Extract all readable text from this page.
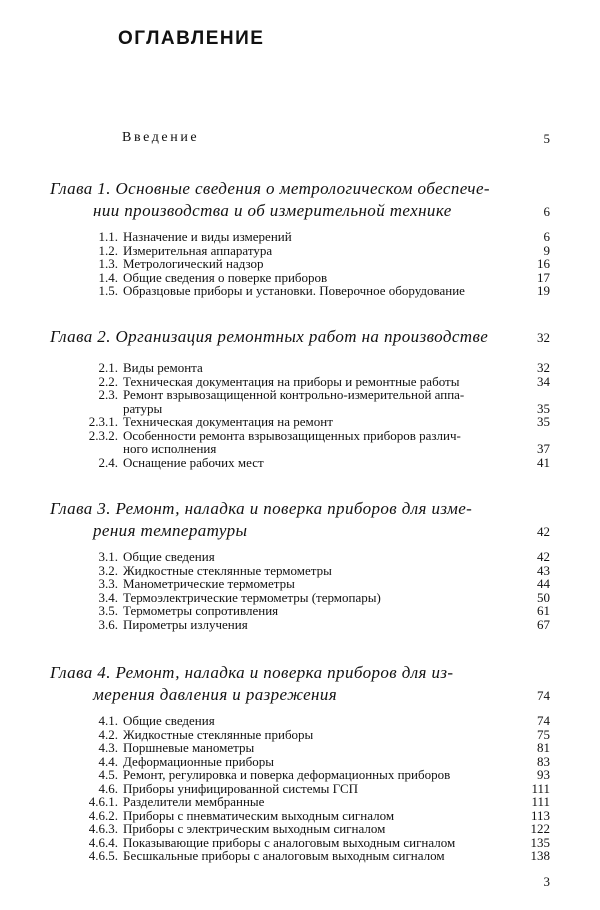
ОГЛАВЛЕНИЕ
Введение	5
Глава 1. Основные сведения о метрологическом обеспече-
нии производства и об измерительной технике	6
1.1. Назначение и виды измерений	6
1.2. Измерительная аппаратура	9
1.3. Метрологический надзор	16
1.4. Общие сведения о поверке приборов	17
1.5. Образцовые приборы и установки. Поверочное оборудование	19
Глава 2. Организация ремонтных работ на производстве	32
2.1. Виды ремонта	32
2.2. Техническая документация на приборы и ремонтные работы	34
2.3. Ремонт взрывозащищенной контрольно-измерительной аппа-
ратуры	35
2.3.1. Техническая документация на ремонт	35
2.3.2. Особенности ремонта взрывозащищенных приборов различ-
ного исполнения	37
2.4. Оснащение рабочих мест	41
Глава 3. Ремонт, наладка и поверка приборов для изме-
рения температуры	42
3.1. Общие сведения	42
3.2. Жидкостные стеклянные термометры	43
3.3. Манометрические термометры	44
3.4. Термоэлектрические термометры (термопары)	50
3.5. Термометры сопротивления	61
3.6. Пирометры излучения	67
Глава 4. Ремонт, наладка и поверка приборов для из-
мерения давления и разрежения	74
4.1. Общие сведения	74
4.2. Жидкостные стеклянные приборы	75
4.3. Поршневые манометры	81
4.4. Деформационные приборы	83
4.5. Ремонт, регулировка и поверка деформационных приборов	93
4.6. Приборы унифицированной системы ГСП	111
4.6.1. Разделители мембранные	111
4.6.2. Приборы с пневматическим выходным сигналом	113
4.6.3. Приборы с электрическим выходным сигналом	122
4.6.4. Показывающие приборы с аналоговым выходным сигналом	135
4.6.5. Бесшкальные приборы с аналоговым выходным сигналом	138
3
